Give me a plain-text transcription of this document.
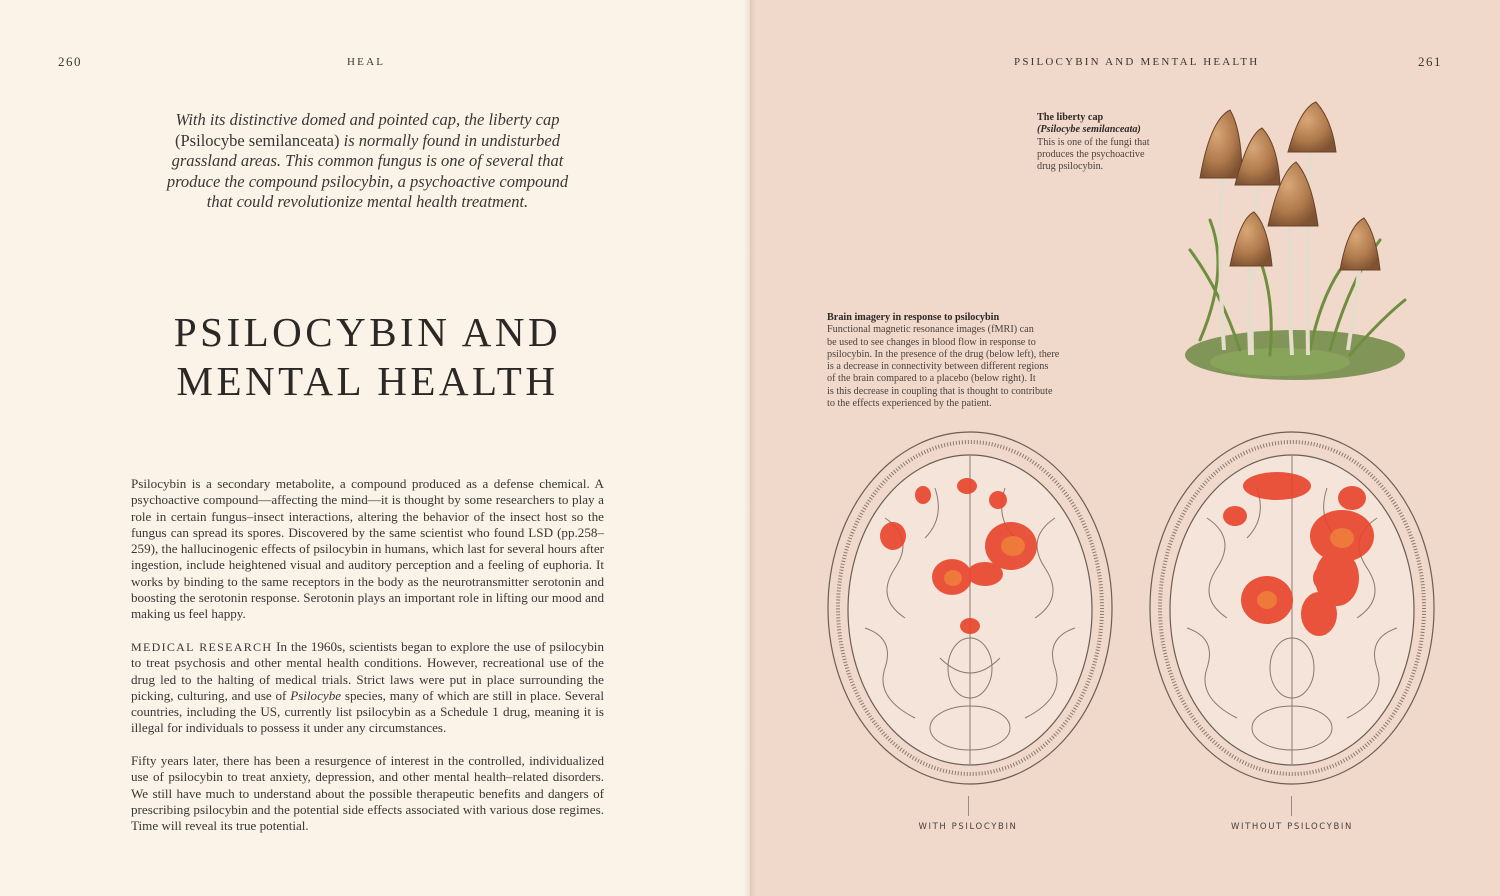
260	HEAL
With its distinctive domed and pointed cap, the liberty cap
(Psilocybe semilanceata) is normally found in undisturbed
grassland areas. This common fungus is one of several that
produce the compound psilocybin, a psychoactive compound
that could revolutionize mental health treatment.
PSILOCYBIN AND
MENTAL HEALTH

Psilocybin is a secondary metabolite, a compound produced as a defense chemical. A psychoactive compound—affecting the mind—it is thought by some researchers to play a role in certain fungus–insect interactions, altering the behavior of the insect host so the fungus can spread its spores. Discovered by the same scientist who found LSD (pp.258–259), the hallucinogenic effects of psilocybin in humans, which last for several hours after ingestion, include heightened visual and auditory perception and a feeling of euphoria. It works by binding to the same receptors in the body as the neurotransmitter serotonin and boosting the serotonin response. Serotonin plays an important role in lifting our mood and making us feel happy.

MEDICAL RESEARCH In the 1960s, scientists began to explore the use of psilocybin to treat psychosis and other mental health conditions. However, recreational use of the drug led to the halting of medical trials. Strict laws were put in place surrounding the picking, culturing, and use of Psilocybe species, many of which are still in place. Several countries, including the US, currently list psilocybin as a Schedule 1 drug, meaning it is illegal for individuals to possess it under any circumstances.

Fifty years later, there has been a resurgence of interest in the controlled, individualized use of psilocybin to treat anxiety, depression, and other mental health–related disorders. We still have much to understand about the possible therapeutic benefits and dangers of prescribing psilocybin and the potential side effects associated with various dose regimes. Time will reveal its true potential.

PSILOCYBIN AND MENTAL HEALTH	261
The liberty cap
(Psilocybe semilanceata)
This is one of the fungi that
produces the psychoactive
drug psilocybin.
Brain imagery in response to psilocybin
Functional magnetic resonance images (fMRI) can
be used to see changes in blood flow in response to
psilocybin. In the presence of the drug (below left), there
is a decrease in connectivity between different regions
of the brain compared to a placebo (below right). It
is this decrease in coupling that is thought to contribute
to the effects experienced by the patient.
WITH PSILOCYBIN	WITHOUT PSILOCYBIN
